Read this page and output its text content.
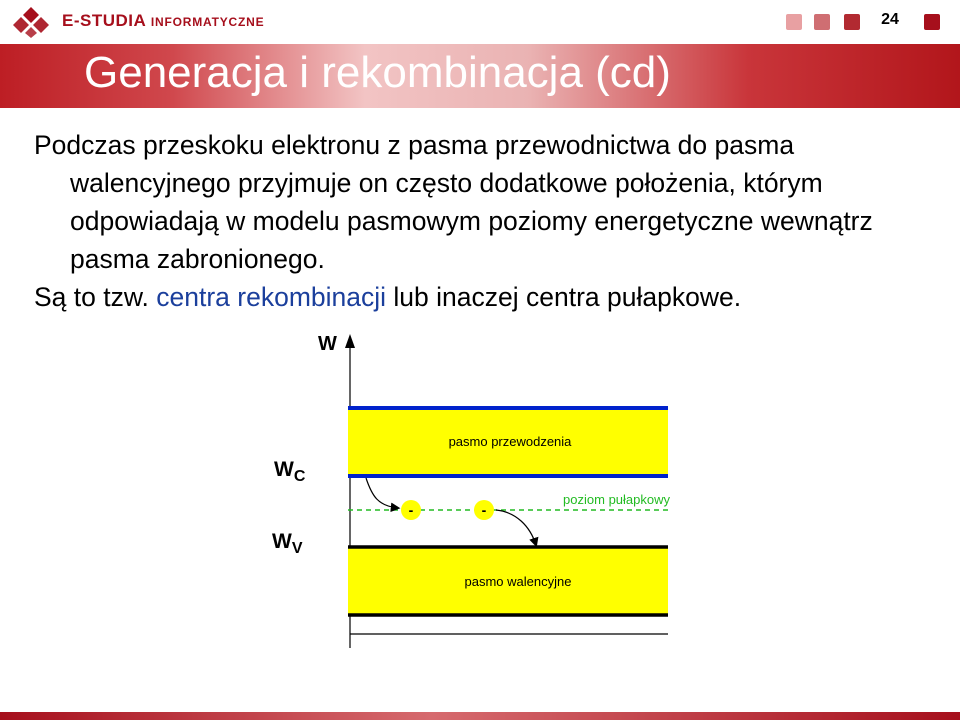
E-STUDIA INFORMATYCZNE	24
Generacja i rekombinacja (cd)

Podczas przeskoku elektronu z pasma przewodnictwa do pasma walencyjnego przyjmuje on często dodatkowe położenia, którym odpowiadają w modelu pasmowym poziomy energetyczne wewnątrz pasma zabronionego.

Są to tzw. centra rekombinacji lub inaczej centra pułapkowe.

W
pasmo przewodzenia
WC
poziom pułapkowy
-	-
WV
pasmo walencyjne
